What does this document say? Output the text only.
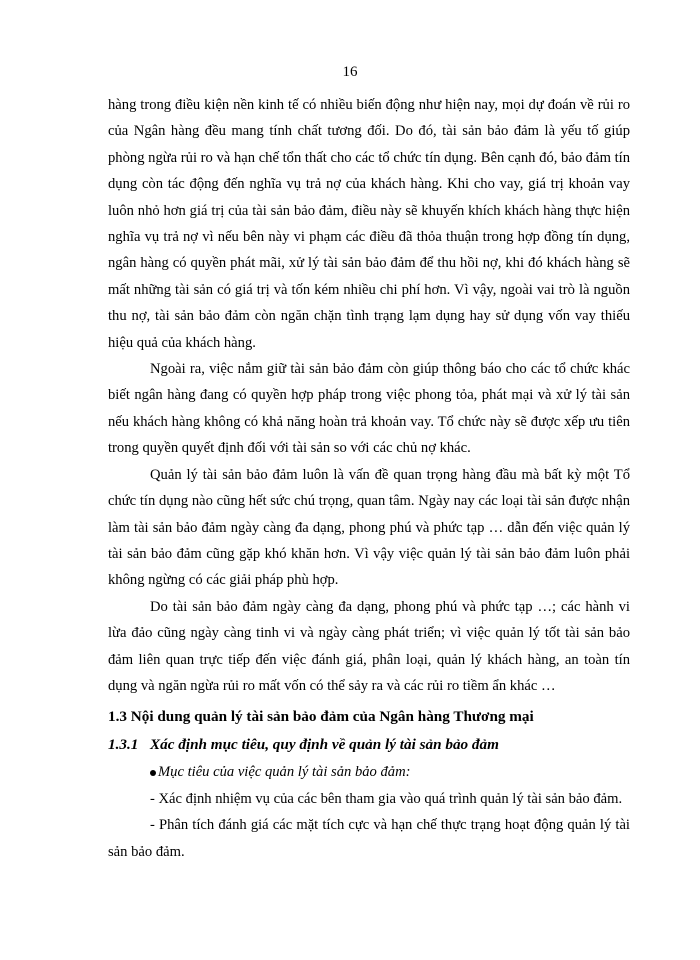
16

hàng trong điều kiện nền kinh tế có nhiều biến động như hiện nay, mọi dự đoán về rủi ro của Ngân hàng đều mang tính chất tương đối. Do đó, tài sản bảo đảm là yếu tố giúp phòng ngừa rủi ro và hạn chế tổn thất cho các tổ chức tín dụng. Bên cạnh đó, bảo đảm tín dụng còn tác động đến nghĩa vụ trả nợ của khách hàng. Khi cho vay, giá trị khoản vay luôn nhỏ hơn giá trị của tài sản bảo đảm, điều này sẽ khuyến khích khách hàng thực hiện nghĩa vụ trả nợ vì nếu bên này vi phạm các điều đã thỏa thuận trong hợp đồng tín dụng, ngân hàng có quyền phát mãi, xử lý tài sản bảo đảm để thu hồi nợ, khi đó khách hàng sẽ mất những tài sản có giá trị và tốn kém nhiều chi phí hơn. Vì vậy, ngoài vai trò là nguồn thu nợ, tài sản bảo đảm còn ngăn chặn tình trạng lạm dụng hay sử dụng vốn vay thiếu hiệu quả của khách hàng.

Ngoài ra, việc nắm giữ tài sản bảo đảm còn giúp thông báo cho các tổ chức khác biết ngân hàng đang có quyền hợp pháp trong việc phong tỏa, phát mại và xử lý tài sản nếu khách hàng không có khả năng hoàn trả khoản vay. Tổ chức này sẽ được xếp ưu tiên trong quyền quyết định đối với tài sản so với các chủ nợ khác.

Quản lý tài sản bảo đảm luôn là vấn đề quan trọng hàng đầu mà bất kỳ một Tổ chức tín dụng nào cũng hết sức chú trọng, quan tâm. Ngày nay các loại tài sản được nhận làm tài sản bảo đảm ngày càng đa dạng, phong phú và phức tạp … dẫn đến việc quản lý tài sản bảo đảm cũng gặp khó khăn hơn. Vì vậy việc quản lý tài sản bảo đảm luôn phải không ngừng có các giải pháp phù hợp.

Do tài sản bảo đảm ngày càng đa dạng, phong phú và phức tạp …; các hành vi lừa đảo cũng ngày càng tinh vi và ngày càng phát triển; vì việc quản lý tốt tài sản bảo đảm liên quan trực tiếp đến việc đánh giá, phân loại, quản lý khách hàng, an toàn tín dụng và ngăn ngừa rủi ro mất vốn có thể sảy ra và các rủi ro tiềm ẩn khác …

1.3 Nội dung quản lý tài sản bảo đảm của Ngân hàng Thương mại
1.3.1 Xác định mục tiêu, quy định về quản lý tài sản bảo đảm

Mục tiêu của việc quản lý tài sản bảo đảm:

- Xác định nhiệm vụ của các bên tham gia vào quá trình quản lý tài sản bảo đảm.

- Phân tích đánh giá các mặt tích cực và hạn chế thực trạng hoạt động quản lý tài sản bảo đảm.
